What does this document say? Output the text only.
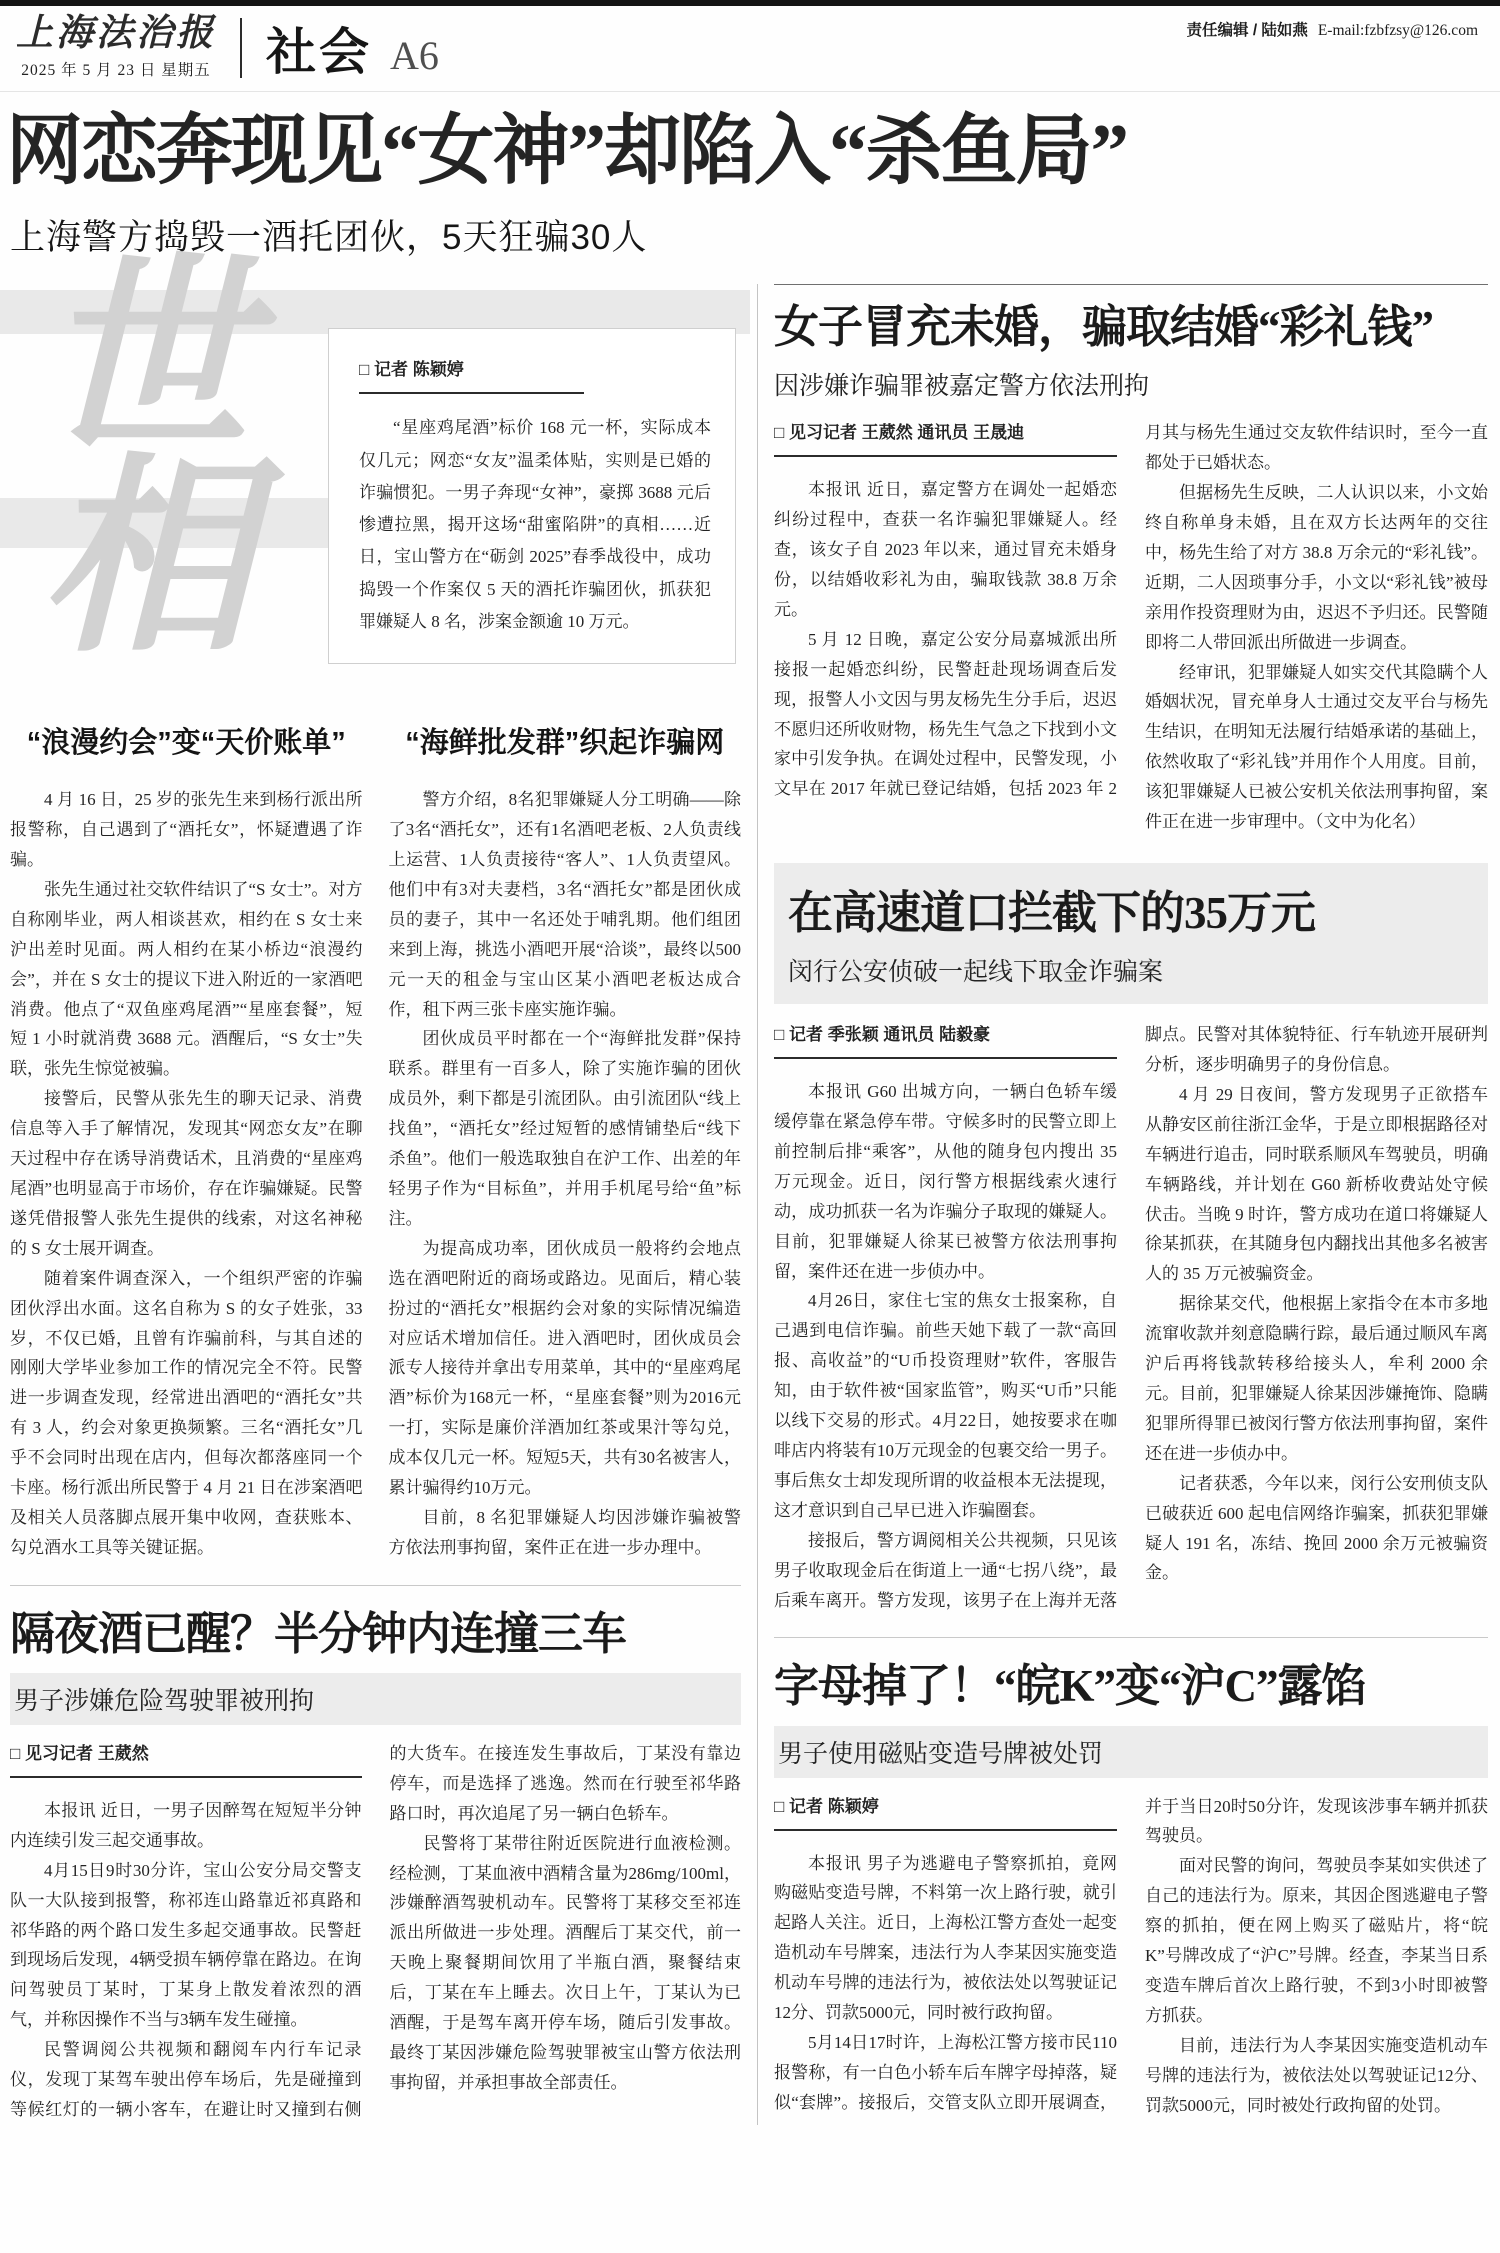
上海法治报
2025 年 5 月 23 日 星期五 社会 A6
责任编辑 / 陆如燕 E-mail:fzbfzsy@126.com
网恋奔现见“女神”却陷入“杀鱼局”
上海警方捣毁一酒托团伙，5天狂骗30人
世相
□ 记者 陈颖婷

“星座鸡尾酒”标价 168 元一杯，实际成本仅几元；网恋“女友”温柔体贴，实则是已婚的诈骗惯犯。一男子奔现“女神”，豪掷 3688 元后惨遭拉黑，揭开这场“甜蜜陷阱”的真相……近日，宝山警方在“砺剑 2025”春季战役中，成功捣毁一个作案仅 5 天的酒托诈骗团伙，抓获犯罪嫌疑人 8 名，涉案金额逾 10 万元。

“浪漫约会”变“天价账单”

4 月 16 日，25 岁的张先生来到杨行派出所报警称，自己遇到了“酒托女”，怀疑遭遇了诈骗。

张先生通过社交软件结识了“S 女士”。对方自称刚毕业，两人相谈甚欢，相约在 S 女士来沪出差时见面。两人相约在某小桥边“浪漫约会”，并在 S 女士的提议下进入附近的一家酒吧消费。他点了“双鱼座鸡尾酒”“星座套餐”，短短 1 小时就消费 3688 元。酒醒后，“S 女士”失联，张先生惊觉被骗。

接警后，民警从张先生的聊天记录、消费信息等入手了解情况，发现其“网恋女友”在聊天过程中存在诱导消费话术，且消费的“星座鸡尾酒”也明显高于市场价，存在诈骗嫌疑。民警遂凭借报警人张先生提供的线索，对这名神秘的 S 女士展开调查。

随着案件调查深入，一个组织严密的诈骗团伙浮出水面。这名自称为 S 的女子姓张，33 岁，不仅已婚，且曾有诈骗前科，与其自述的刚刚大学毕业参加工作的情况完全不符。民警进一步调查发现，经常进出酒吧的“酒托女”共有 3 人，约会对象更换频繁。三名“酒托女”几乎不会同时出现在店内，但每次都落座同一个卡座。杨行派出所民警于 4 月 21 日在涉案酒吧及相关人员落脚点展开集中收网，查获账本、勾兑酒水工具等关键证据。

“海鲜批发群”织起诈骗网

警方介绍，8名犯罪嫌疑人分工明确——除了3名“酒托女”，还有1名酒吧老板、2人负责线上运营、1人负责接待“客人”、1人负责望风。他们中有3对夫妻档，3名“酒托女”都是团伙成员的妻子，其中一名还处于哺乳期。他们组团来到上海，挑选小酒吧开展“洽谈”，最终以500元一天的租金与宝山区某小酒吧老板达成合作，租下两三张卡座实施诈骗。

团伙成员平时都在一个“海鲜批发群”保持联系。群里有一百多人，除了实施诈骗的团伙成员外，剩下都是引流团队。由引流团队“线上找鱼”，“酒托女”经过短暂的感情铺垫后“线下杀鱼”。他们一般选取独自在沪工作、出差的年轻男子作为“目标鱼”，并用手机尾号给“鱼”标注。

为提高成功率，团伙成员一般将约会地点选在酒吧附近的商场或路边。见面后，精心装扮过的“酒托女”根据约会对象的实际情况编造对应话术增加信任。进入酒吧时，团伙成员会派专人接待并拿出专用菜单，其中的“星座鸡尾酒”标价为168元一杯，“星座套餐”则为2016元一打，实际是廉价洋酒加红茶或果汁等勾兑，成本仅几元一杯。短短5天，共有30名被害人，累计骗得约10万元。

目前，8 名犯罪嫌疑人均因涉嫌诈骗被警方依法刑事拘留，案件正在进一步办理中。

隔夜酒已醒？半分钟内连撞三车
男子涉嫌危险驾驶罪被刑拘
□ 见习记者 王葳然

本报讯 近日，一男子因醉驾在短短半分钟内连续引发三起交通事故。

4月15日9时30分许，宝山公安分局交警支队一大队接到报警，称祁连山路靠近祁真路和祁华路的两个路口发生多起交通事故。民警赶到现场后发现，4辆受损车辆停靠在路边。在询问驾驶员丁某时，丁某身上散发着浓烈的酒气，并称因操作不当与3辆车发生碰撞。

民警调阅公共视频和翻阅车内行车记录仪，发现丁某驾车驶出停车场后，先是碰撞到等候红灯的一辆小客车，在避让时又撞到右侧的大货车。在接连发生事故后，丁某没有靠边停车，而是选择了逃逸。然而在行驶至祁华路路口时，再次追尾了另一辆白色轿车。

民警将丁某带往附近医院进行血液检测。经检测，丁某血液中酒精含量为286mg/100ml，涉嫌醉酒驾驶机动车。民警将丁某移交至祁连派出所做进一步处理。酒醒后丁某交代，前一天晚上聚餐期间饮用了半瓶白酒，聚餐结束后，丁某在车上睡去。次日上午，丁某认为已酒醒，于是驾车离开停车场，随后引发事故。最终丁某因涉嫌危险驾驶罪被宝山警方依法刑事拘留，并承担事故全部责任。

女子冒充未婚，骗取结婚“彩礼钱”
因涉嫌诈骗罪被嘉定警方依法刑拘
□ 见习记者 王葳然 通讯员 王晟迪

本报讯 近日，嘉定警方在调处一起婚恋纠纷过程中，查获一名诈骗犯罪嫌疑人。经查，该女子自 2023 年以来，通过冒充未婚身份，以结婚收彩礼为由，骗取钱款 38.8 万余元。

5 月 12 日晚，嘉定公安分局嘉城派出所接报一起婚恋纠纷，民警赶赴现场调查后发现，报警人小文因与男友杨先生分手后，迟迟不愿归还所收财物，杨先生气急之下找到小文家中引发争执。在调处过程中，民警发现，小文早在 2017 年就已登记结婚，包括 2023 年 2 月其与杨先生通过交友软件结识时，至今一直都处于已婚状态。

但据杨先生反映，二人认识以来，小文始终自称单身未婚，且在双方长达两年的交往中，杨先生给了对方 38.8 万余元的“彩礼钱”。近期，二人因琐事分手，小文以“彩礼钱”被母亲用作投资理财为由，迟迟不予归还。民警随即将二人带回派出所做进一步调查。

经审讯，犯罪嫌疑人如实交代其隐瞒个人婚姻状况，冒充单身人士通过交友平台与杨先生结识，在明知无法履行结婚承诺的基础上，依然收取了“彩礼钱”并用作个人用度。目前，该犯罪嫌疑人已被公安机关依法刑事拘留，案件正在进一步审理中。（文中为化名）

在高速道口拦截下的35万元
闵行公安侦破一起线下取金诈骗案
□ 记者 季张颖 通讯员 陆毅豪

本报讯 G60 出城方向，一辆白色轿车缓缓停靠在紧急停车带。守候多时的民警立即上前控制后排“乘客”，从他的随身包内搜出 35 万元现金。近日，闵行警方根据线索火速行动，成功抓获一名为诈骗分子取现的嫌疑人。目前，犯罪嫌疑人徐某已被警方依法刑事拘留，案件还在进一步侦办中。

4月26日，家住七宝的焦女士报案称，自己遇到电信诈骗。前些天她下载了一款“高回报、高收益”的“U币投资理财”软件，客服告知，由于软件被“国家监管”，购买“U币”只能以线下交易的形式。4月22日，她按要求在咖啡店内将装有10万元现金的包裹交给一男子。事后焦女士却发现所谓的收益根本无法提现，这才意识到自己早已进入诈骗圈套。

接报后，警方调阅相关公共视频，只见该男子收取现金后在街道上一通“七拐八绕”，最后乘车离开。警方发现，该男子在上海并无落脚点。民警对其体貌特征、行车轨迹开展研判分析，逐步明确男子的身份信息。

4 月 29 日夜间，警方发现男子正欲搭车从静安区前往浙江金华，于是立即根据路径对车辆进行追击，同时联系顺风车驾驶员，明确车辆路线，并计划在 G60 新桥收费站处守候伏击。当晚 9 时许，警方成功在道口将嫌疑人徐某抓获，在其随身包内翻找出其他多名被害人的 35 万元被骗资金。

据徐某交代，他根据上家指令在本市多地流窜收款并刻意隐瞒行踪，最后通过顺风车离沪后再将钱款转移给接头人，牟利 2000 余元。目前，犯罪嫌疑人徐某因涉嫌掩饰、隐瞒犯罪所得罪已被闵行警方依法刑事拘留，案件还在进一步侦办中。

记者获悉，今年以来，闵行公安刑侦支队已破获近 600 起电信网络诈骗案，抓获犯罪嫌疑人 191 名，冻结、挽回 2000 余万元被骗资金。

字母掉了！“皖K”变“沪C”露馅
男子使用磁贴变造号牌被处罚
□ 记者 陈颖婷

本报讯 男子为逃避电子警察抓拍，竟网购磁贴变造号牌，不料第一次上路行驶，就引起路人关注。近日，上海松江警方查处一起变造机动车号牌案，违法行为人李某因实施变造机动车号牌的违法行为，被依法处以驾驶证记12分、罚款5000元，同时被行政拘留。

5月14日17时许，上海松江警方接市民110报警称，有一白色小轿车后车牌字母掉落，疑似“套牌”。接报后，交管支队立即开展调查，并于当日20时50分许，发现该涉事车辆并抓获驾驶员。

面对民警的询问，驾驶员李某如实供述了自己的违法行为。原来，其因企图逃避电子警察的抓拍，便在网上购买了磁贴片，将“皖K”号牌改成了“沪C”号牌。经查，李某当日系变造车牌后首次上路行驶，不到3小时即被警方抓获。

目前，违法行为人李某因实施变造机动车号牌的违法行为，被依法处以驾驶证记12分、罚款5000元，同时被处行政拘留的处罚。
